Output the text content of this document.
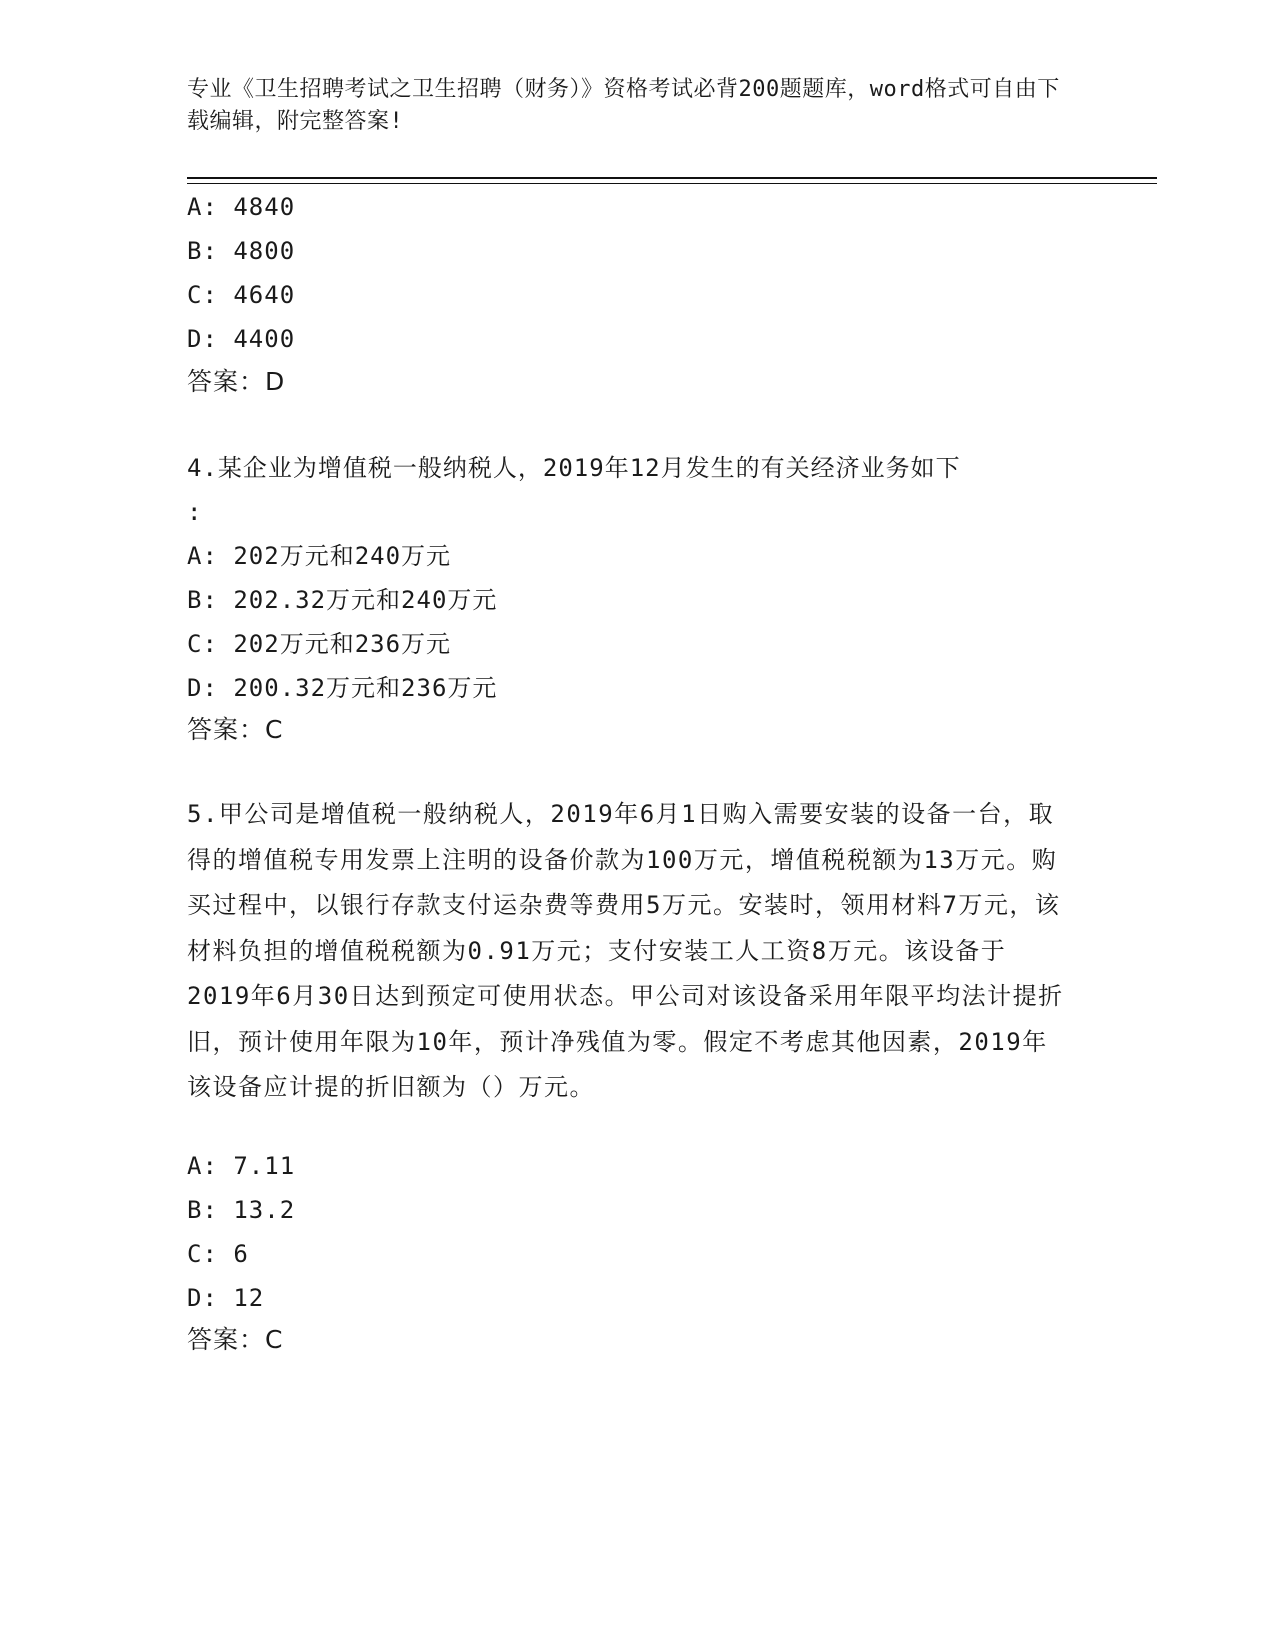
专业《卫生招聘考试之卫生招聘（财务）》资格考试必背200题题库，word格式可自由下载编辑，附完整答案!
A: 4840
B: 4800
C: 4640
D: 4400
答案：D
4.某企业为增值税一般纳税人，2019年12月发生的有关经济业务如下
:
A: 202万元和240万元
B: 202.32万元和240万元
C: 202万元和236万元
D: 200.32万元和236万元
答案：C
5.甲公司是增值税一般纳税人，2019年6月1日购入需要安装的设备一台，取得的增值税专用发票上注明的设备价款为100万元，增值税税额为13万元。购买过程中，以银行存款支付运杂费等费用5万元。安装时，领用材料7万元，该材料负担的增值税税额为0.91万元；支付安装工人工资8万元。该设备于2019年6月30日达到预定可使用状态。甲公司对该设备采用年限平均法计提折旧，预计使用年限为10年，预计净残值为零。假定不考虑其他因素，2019年该设备应计提的折旧额为（）万元。
A: 7.11
B: 13.2
C: 6
D: 12
答案：C
